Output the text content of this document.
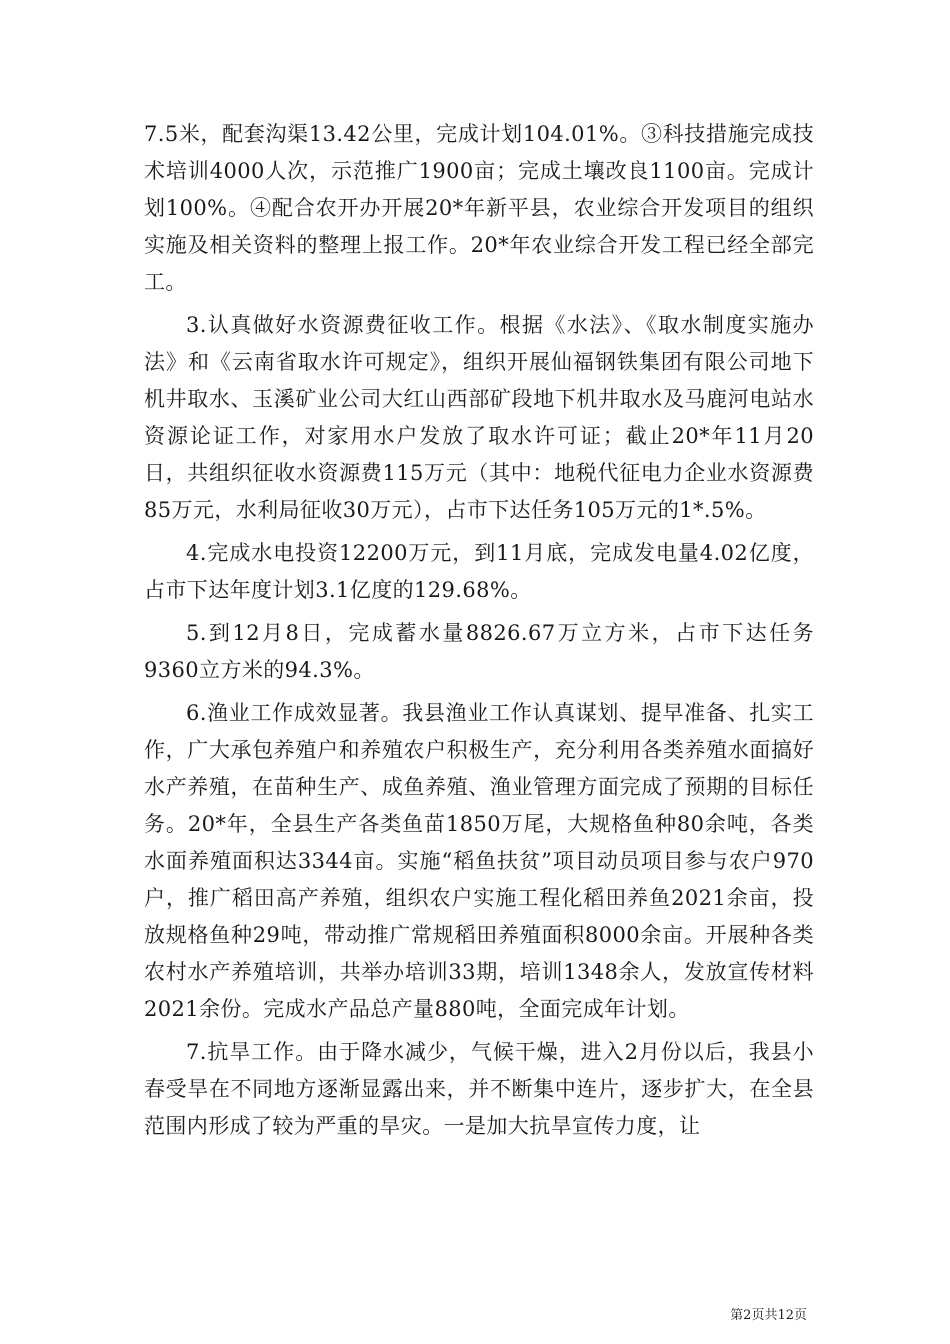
7.5米，配套沟渠13.42公里，完成计划104.01%。③科技措施完成技术培训4000人次，示范推广1900亩；完成土壤改良1100亩。完成计划100%。④配合农开办开展20*年新平县，农业综合开发项目的组织实施及相关资料的整理上报工作。20*年农业综合开发工程已经全部完工。

3.认真做好水资源费征收工作。根据《水法》、《取水制度实施办法》和《云南省取水许可规定》，组织开展仙福钢铁集团有限公司地下机井取水、玉溪矿业公司大红山西部矿段地下机井取水及马鹿河电站水资源论证工作，对家用水户发放了取水许可证；截止20*年11月20日，共组织征收水资源费115万元（其中：地税代征电力企业水资源费85万元，水利局征收30万元），占市下达任务105万元的1*.5%。

4.完成水电投资12200万元，到11月底，完成发电量4.02亿度，占市下达年度计划3.1亿度的129.68%。

5.到12月8日，完成蓄水量8826.67万立方米，占市下达任务9360立方米的94.3%。

6.渔业工作成效显著。我县渔业工作认真谋划、提早准备、扎实工作，广大承包养殖户和养殖农户积极生产，充分利用各类养殖水面搞好水产养殖，在苗种生产、成鱼养殖、渔业管理方面完成了预期的目标任务。20*年，全县生产各类鱼苗1850万尾，大规格鱼种80余吨，各类水面养殖面积达3344亩。实施“稻鱼扶贫”项目动员项目参与农户970户，推广稻田高产养殖，组织农户实施工程化稻田养鱼2021余亩，投放规格鱼种29吨，带动推广常规稻田养殖面积8000余亩。开展种各类农村水产养殖培训，共举办培训33期，培训1348余人，发放宣传材料2021余份。完成水产品总产量880吨，全面完成年计划。

7.抗旱工作。由于降水减少，气候干燥，进入2月份以后，我县小春受旱在不同地方逐渐显露出来，并不断集中连片，逐步扩大，在全县范围内形成了较为严重的旱灾。一是加大抗旱宣传力度，让

第2页共12页
